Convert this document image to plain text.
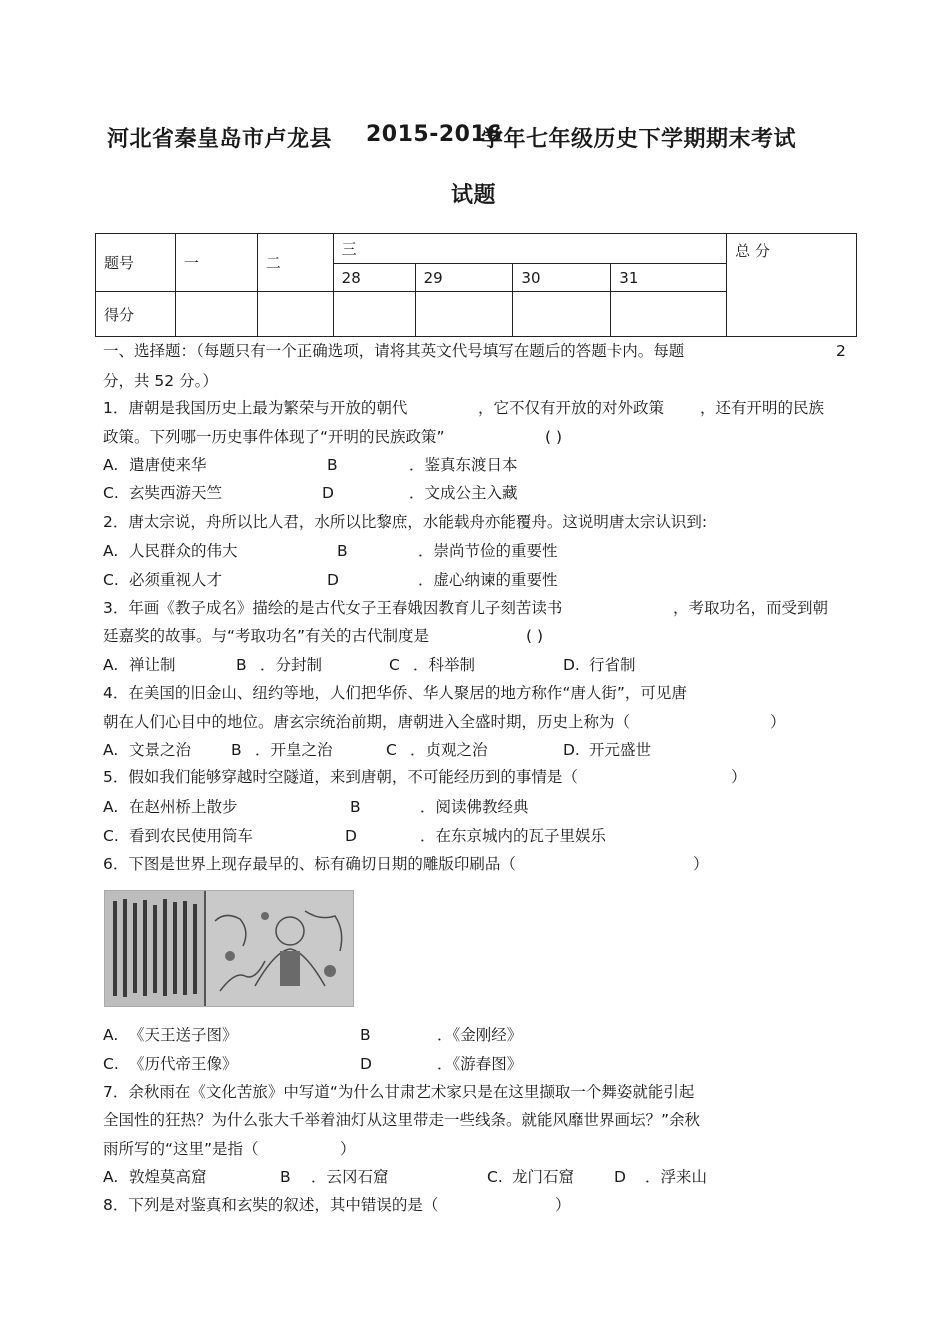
河北省秦皇岛市卢龙县 2015-2016
学年七年级历史下学期期末考试
试题
题号	一	二	三				总 分
			28	29	30	31	
得分							
一、选择题：（每题只有一个正确选项，请将其英文代号填写在题后的答题卡内。每题	2
分，共 52 分。）
1．唐朝是我国历史上最为繁荣与开放的朝代	，它不仅有开放的对外政策 ，还有开明的民族
政策。下列哪一历史事件体现了“开明的民族政策”	( )
A. 遣唐使来华	B	．鉴真东渡日本
C. 玄奘西游天竺	D	．文成公主入藏
2．唐太宗说，舟所以比人君，水所以比黎庶，水能载舟亦能覆舟。这说明唐太宗认识到:
A. 人民群众的伟大	B	．崇尚节俭的重要性
C. 必须重视人才	D	．虚心纳谏的重要性
3．年画《教子成名》描绘的是古代女子王春娥因教育儿子刻苦读书	，考取功名，而受到朝
廷嘉奖的故事。与“考取功名”有关的古代制度是	( )
A. 禅让制	B ．分封制	C ．科举制	D. 行省制
4．在美国的旧金山、纽约等地，人们把华侨、华人聚居的地方称作“唐人街”，可见唐
朝在人们心目中的地位。唐玄宗统治前期，唐朝进入全盛时期，历史上称为（	）
A. 文景之治	B ．开皇之治	C ．贞观之治	D. 开元盛世
5．假如我们能够穿越时空隧道，来到唐朝，不可能经历到的事情是（	）
A. 在赵州桥上散步	B	．阅读佛教经典
C. 看到农民使用筒车	D	．在东京城内的瓦子里娱乐
6．下图是世界上现存最早的、标有确切日期的雕版印刷品（	）
A. 《天王送子图》	B	．《金刚经》
C. 《历代帝王像》	D	．《游春图》
7．余秋雨在《文化苦旅》中写道“为什么甘肃艺术家只是在这里撷取一个舞姿就能引起
全国性的狂热？为什么张大千举着油灯从这里带走一些线条。就能风靡世界画坛？”余秋
雨所写的“这里”是指（	）
A. 敦煌莫高窟	B ．云冈石窟	C. 龙门石窟	D ．浮来山
8．下列是对鉴真和玄奘的叙述，其中错误的是（	）
